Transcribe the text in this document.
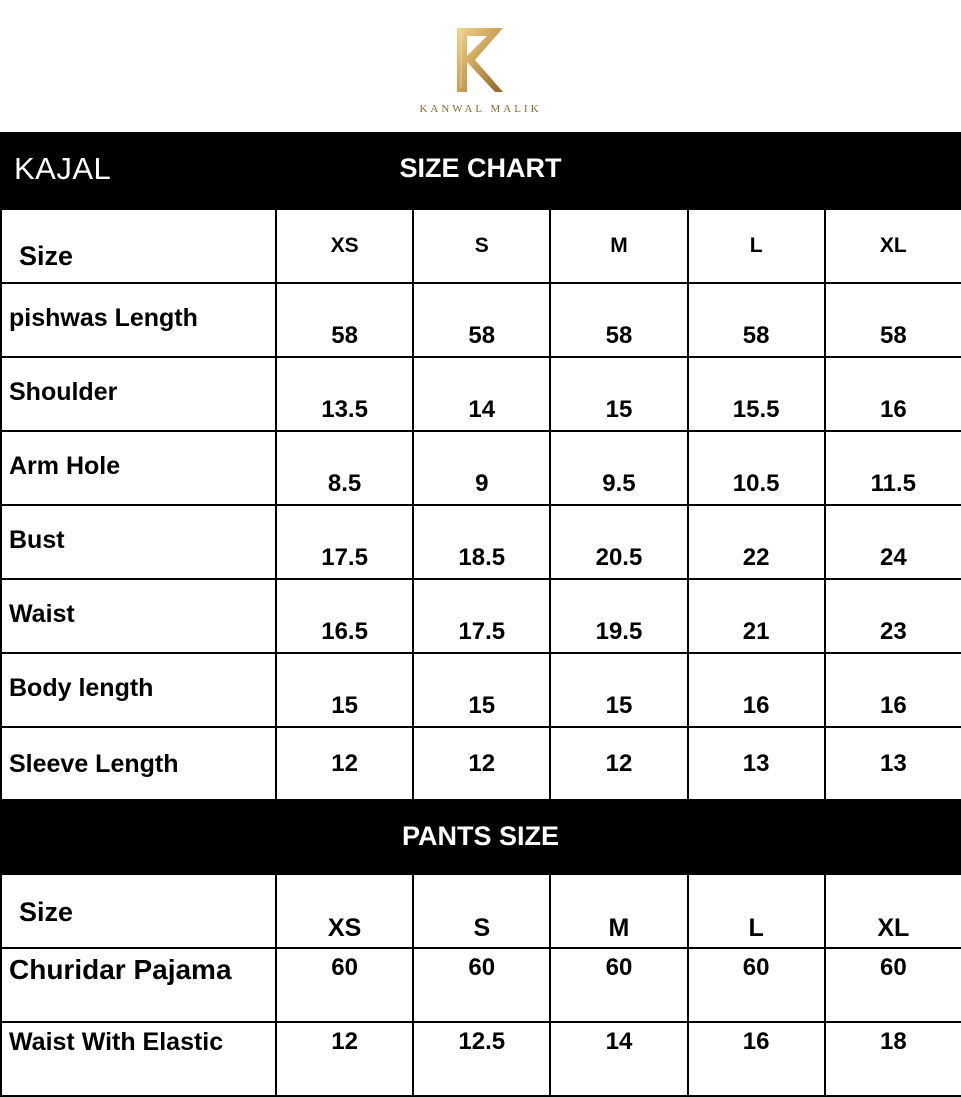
KANWAL MALIK
KAJAL	SIZE CHART
Size	XS	S	M	L	XL
pishwas Length	58	58	58	58	58
Shoulder	13.5	14	15	15.5	16
Arm Hole	8.5	9	9.5	10.5	11.5
Bust	17.5	18.5	20.5	22	24
Waist	16.5	17.5	19.5	21	23
Body length	15	15	15	16	16
Sleeve Length	12	12	12	13	13
PANTS SIZE
Size	XS	S	M	L	XL
Churidar Pajama	60	60	60	60	60
Waist With Elastic	12	12.5	14	16	18
